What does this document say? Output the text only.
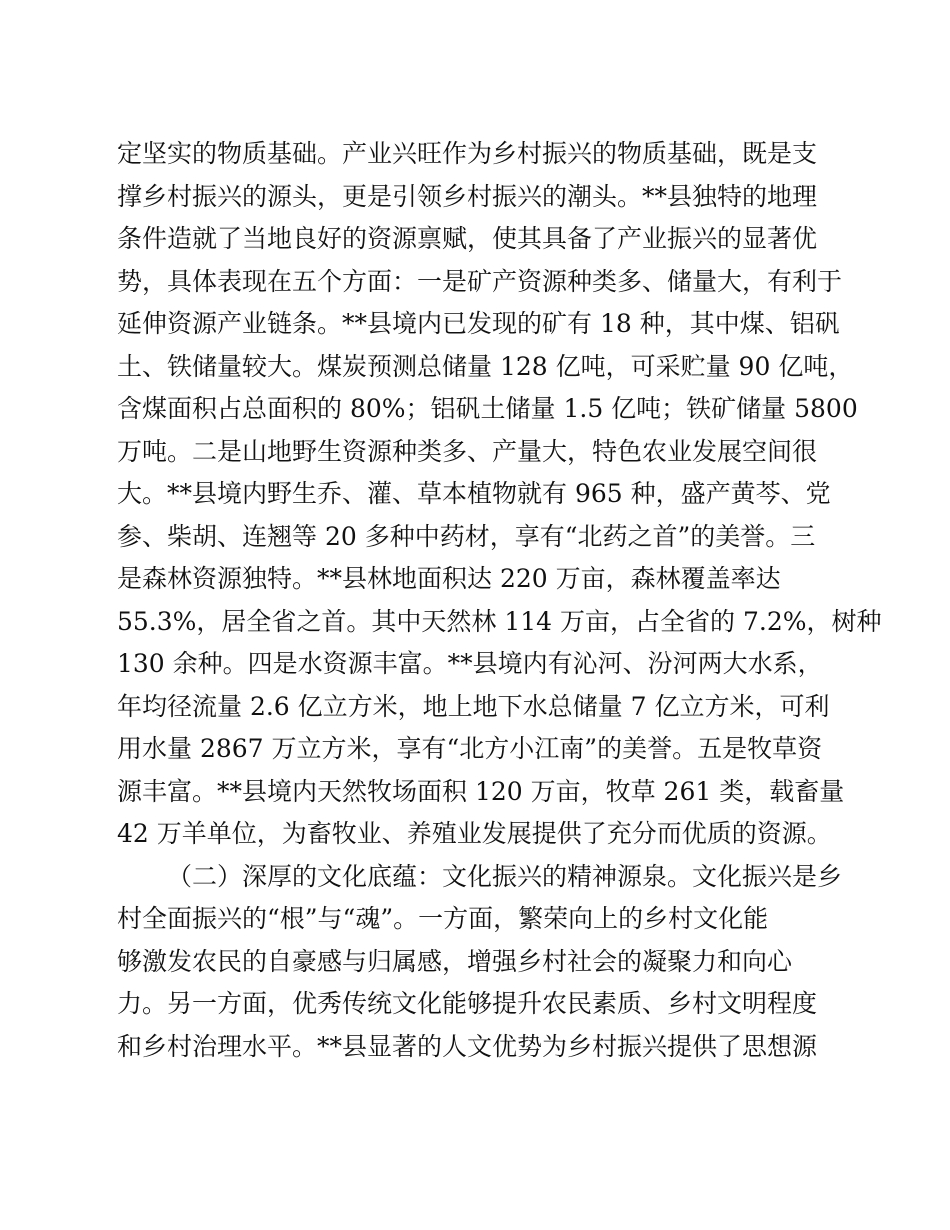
定坚实的物质基础。产业兴旺作为乡村振兴的物质基础，既是支
撑乡村振兴的源头，更是引领乡村振兴的潮头。**县独特的地理
条件造就了当地良好的资源禀赋，使其具备了产业振兴的显著优
势，具体表现在五个方面：一是矿产资源种类多、储量大，有利于
延伸资源产业链条。**县境内已发现的矿有 18 种，其中煤、铝矾
土、铁储量较大。煤炭预测总储量 128 亿吨，可采贮量 90 亿吨，
含煤面积占总面积的 80%；铝矾土储量 1.5 亿吨；铁矿储量 5800
万吨。二是山地野生资源种类多、产量大，特色农业发展空间很
大。**县境内野生乔、灌、草本植物就有 965 种，盛产黄芩、党
参、柴胡、连翘等 20 多种中药材，享有“北药之首”的美誉。三
是森林资源独特。**县林地面积达 220 万亩，森林覆盖率达
55.3%，居全省之首。其中天然林 114 万亩，占全省的 7.2%，树种
130 余种。四是水资源丰富。**县境内有沁河、汾河两大水系，
年均径流量 2.6 亿立方米，地上地下水总储量 7 亿立方米，可利
用水量 2867 万立方米，享有“北方小江南”的美誉。五是牧草资
源丰富。**县境内天然牧场面积 120 万亩，牧草 261 类，载畜量
42 万羊单位，为畜牧业、养殖业发展提供了充分而优质的资源。
（二）深厚的文化底蕴：文化振兴的精神源泉。文化振兴是乡
村全面振兴的“根”与“魂”。一方面，繁荣向上的乡村文化能
够激发农民的自豪感与归属感，增强乡村社会的凝聚力和向心
力。另一方面，优秀传统文化能够提升农民素质、乡村文明程度
和乡村治理水平。**县显著的人文优势为乡村振兴提供了思想源
